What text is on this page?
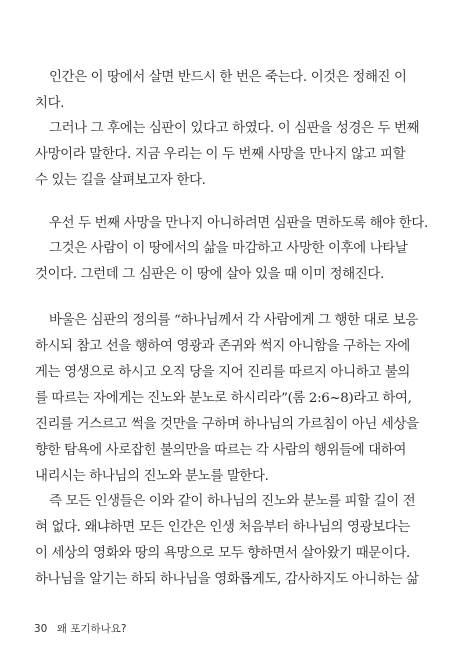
인간은 이 땅에서 살면 반드시 한 번은 죽는다. 이것은 정해진 이
치다.
그러나 그 후에는 심판이 있다고 하였다. 이 심판을 성경은 두 번째
사망이라 말한다. 지금 우리는 이 두 번째 사망을 만나지 않고 피할
수 있는 길을 살펴보고자 한다.
우선 두 번째 사망을 만나지 아니하려면 심판을 면하도록 해야 한다.
그것은 사람이 이 땅에서의 삶을 마감하고 사망한 이후에 나타날
것이다. 그런데 그 심판은 이 땅에 살아 있을 때 이미 정해진다.
바울은 심판의 정의를 “하나님께서 각 사람에게 그 행한 대로 보응
하시되 참고 선을 행하여 영광과 존귀와 썩지 아니함을 구하는 자에
게는 영생으로 하시고 오직 당을 지어 진리를 따르지 아니하고 불의
를 따르는 자에게는 진노와 분노로 하시리라”(롬 2:6~8)라고 하여,
진리를 거스르고 썩을 것만을 구하며 하나님의 가르침이 아닌 세상을
향한 탐욕에 사로잡힌 불의만을 따르는 각 사람의 행위들에 대하여
내리시는 하나님의 진노와 분노를 말한다.
즉 모든 인생들은 이와 같이 하나님의 진노와 분노를 피할 길이 전
혀 없다. 왜냐하면 모든 인간은 인생 처음부터 하나님의 영광보다는
이 세상의 영화와 땅의 욕망으로 모두 향하면서 살아왔기 때문이다.
하나님을 알기는 하되 하나님을 영화롭게도, 감사하지도 아니하는 삶
30 왜 포기하나요?
